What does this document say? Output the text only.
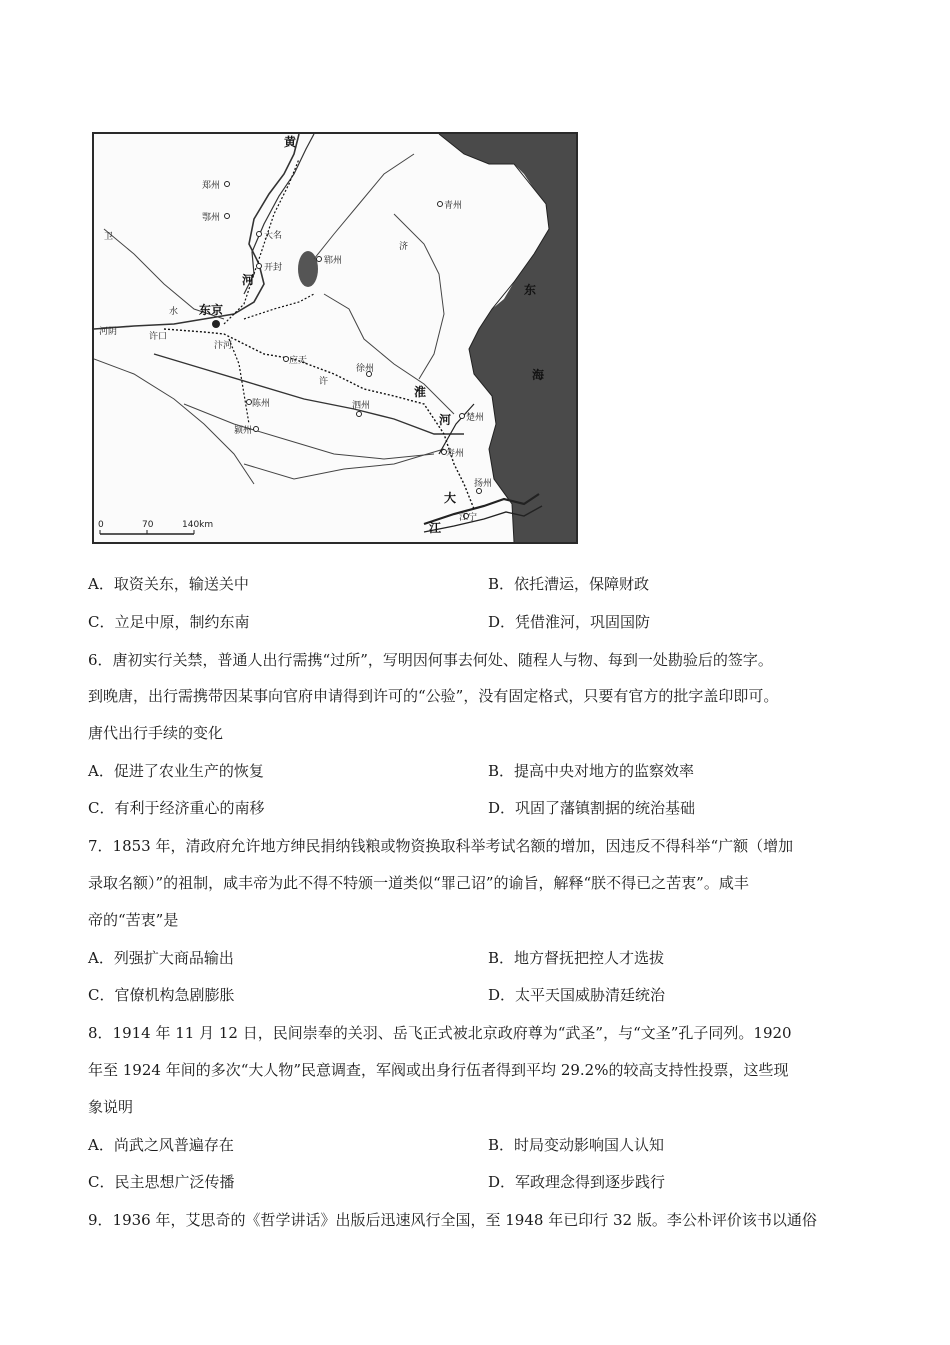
郑州
鄂州
大名
开封
青州
郓州
东京
应天
徐州
陈州
颍州
泗州
楚州
寿州
扬州
江宁
汴河
许口
河阴
黄
河
淮
河
东
海
大
江
许
卫
济
水
0	70	140km
A．取资关东，输送关中	B．依托漕运，保障财政
C．立足中原，制约东南	D．凭借淮河，巩固国防
6．唐初实行关禁，普通人出行需携“过所”，写明因何事去何处、随程人与物、每到一处勘验后的签字。
到晚唐，出行需携带因某事向官府申请得到许可的“公验”，没有固定格式，只要有官方的批字盖印即可。
唐代出行手续的变化
A．促进了农业生产的恢复	B．提高中央对地方的监察效率
C．有利于经济重心的南移	D．巩固了藩镇割据的统治基础
7．1853 年，清政府允许地方绅民捐纳钱粮或物资换取科举考试名额的增加，因违反不得科举“广额（增加
录取名额）”的祖制，咸丰帝为此不得不特颁一道类似“罪己诏”的谕旨，解释“朕不得已之苦衷”。咸丰
帝的“苦衷”是
A．列强扩大商品输出	B．地方督抚把控人才选拔
C．官僚机构急剧膨胀	D．太平天国威胁清廷统治
8．1914 年 11 月 12 日，民间崇奉的关羽、岳飞正式被北京政府尊为“武圣”，与“文圣”孔子同列。1920
年至 1924 年间的多次“大人物”民意调查，军阀或出身行伍者得到平均 29.2%的较高支持性投票，这些现
象说明
A．尚武之风普遍存在	B．时局变动影响国人认知
C．民主思想广泛传播	D．军政理念得到逐步践行
9．1936 年，艾思奇的《哲学讲话》出版后迅速风行全国，至 1948 年已印行 32 版。李公朴评价该书以通俗
